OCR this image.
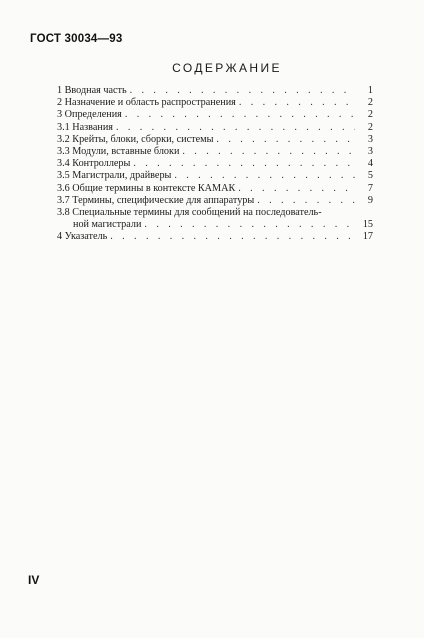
ГОСТ 30034—93
СОДЕРЖАНИЕ
1 Вводная часть . . .	1
2 Назначение и область распространения . . .	2
3 Определения . . .	2
3.1 Названия . . .	2
3.2 Крейты, блоки, сборки, системы . . .	3
3.3 Модули, вставные блоки . . .	3
3.4 Контроллеры . . .	4
3.5 Магистрали, драйверы . . .	5
3.6 Общие термины в контексте КАМАК . . .	7
3.7 Термины, специфические для аппаратуры . . .	9
3.8 Специальные термины для сообщений на последователь-
ной магистрали . . .	15
4 Указатель . . .	17
IV
